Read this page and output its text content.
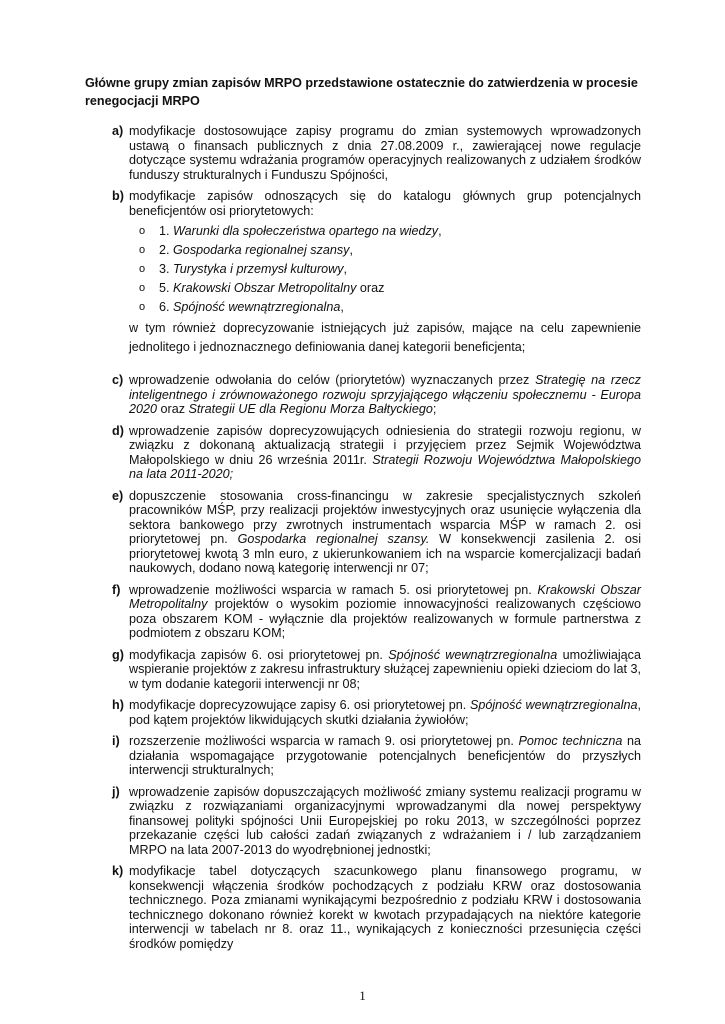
Główne grupy zmian zapisów MRPO przedstawione ostatecznie do zatwierdzenia w procesie renegocjacji MRPO

a) modyfikacje dostosowujące zapisy programu do zmian systemowych wprowadzonych ustawą o finansach publicznych z dnia 27.08.2009 r., zawierającej nowe regulacje dotyczące systemu wdrażania programów operacyjnych realizowanych z udziałem środków funduszy strukturalnych i Funduszu Spójności,
b) modyfikacje zapisów odnoszących się do katalogu głównych grup potencjalnych beneficjentów osi priorytetowych:
o 1. Warunki dla społeczeństwa opartego na wiedzy,
o 2. Gospodarka regionalnej szansy,
o 3. Turystyka i przemysł kulturowy,
o 5. Krakowski Obszar Metropolitalny oraz
o 6. Spójność wewnątrzregionalna,
w tym również doprecyzowanie istniejących już zapisów, mające na celu zapewnienie jednolitego i jednoznacznego definiowania danej kategorii beneficjenta;
c) wprowadzenie odwołania do celów (priorytetów) wyznaczanych przez Strategię na rzecz inteligentnego i zrównoważonego rozwoju sprzyjającego włączeniu społecznemu - Europa 2020 oraz Strategii UE dla Regionu Morza Bałtyckiego;
d) wprowadzenie zapisów doprecyzowujących odniesienia do strategii rozwoju regionu, w związku z dokonaną aktualizacją strategii i przyjęciem przez Sejmik Województwa Małopolskiego w dniu 26 września 2011r. Strategii Rozwoju Województwa Małopolskiego na lata 2011-2020;
e) dopuszczenie stosowania cross-financingu w zakresie specjalistycznych szkoleń pracowników MŚP, przy realizacji projektów inwestycyjnych oraz usunięcie wyłączenia dla sektora bankowego przy zwrotnych instrumentach wsparcia MŚP w ramach 2. osi priorytetowej pn. Gospodarka regionalnej szansy. W konsekwencji zasilenia 2. osi priorytetowej kwotą 3 mln euro, z ukierunkowaniem ich na wsparcie komercjalizacji badań naukowych, dodano nową kategorię interwencji nr 07;
f) wprowadzenie możliwości wsparcia w ramach 5. osi priorytetowej pn. Krakowski Obszar Metropolitalny projektów o wysokim poziomie innowacyjności realizowanych częściowo poza obszarem KOM - wyłącznie dla projektów realizowanych w formule partnerstwa z podmiotem z obszaru KOM;
g) modyfikacja zapisów 6. osi priorytetowej pn. Spójność wewnątrzregionalna umożliwiająca wspieranie projektów z zakresu infrastruktury służącej zapewnieniu opieki dzieciom do lat 3, w tym dodanie kategorii interwencji nr 08;
h) modyfikacje doprecyzowujące zapisy 6. osi priorytetowej pn. Spójność wewnątrzregionalna, pod kątem projektów likwidujących skutki działania żywiołów;
i) rozszerzenie możliwości wsparcia w ramach 9. osi priorytetowej pn. Pomoc techniczna na działania wspomagające przygotowanie potencjalnych beneficjentów do przyszłych interwencji strukturalnych;
j) wprowadzenie zapisów dopuszczających możliwość zmiany systemu realizacji programu w związku z rozwiązaniami organizacyjnymi wprowadzanymi dla nowej perspektywy finansowej polityki spójności Unii Europejskiej po roku 2013, w szczególności poprzez przekazanie części lub całości zadań związanych z wdrażaniem i / lub zarządzaniem MRPO na lata 2007-2013 do wyodrębnionej jednostki;
k) modyfikacje tabel dotyczących szacunkowego planu finansowego programu, w konsekwencji włączenia środków pochodzących z podziału KRW oraz dostosowania technicznego. Poza zmianami wynikającymi bezpośrednio z podziału KRW i dostosowania technicznego dokonano również korekt w kwotach przypadających na niektóre kategorie interwencji w tabelach nr 8. oraz 11., wynikających z konieczności przesunięcia części środków pomiędzy
1
